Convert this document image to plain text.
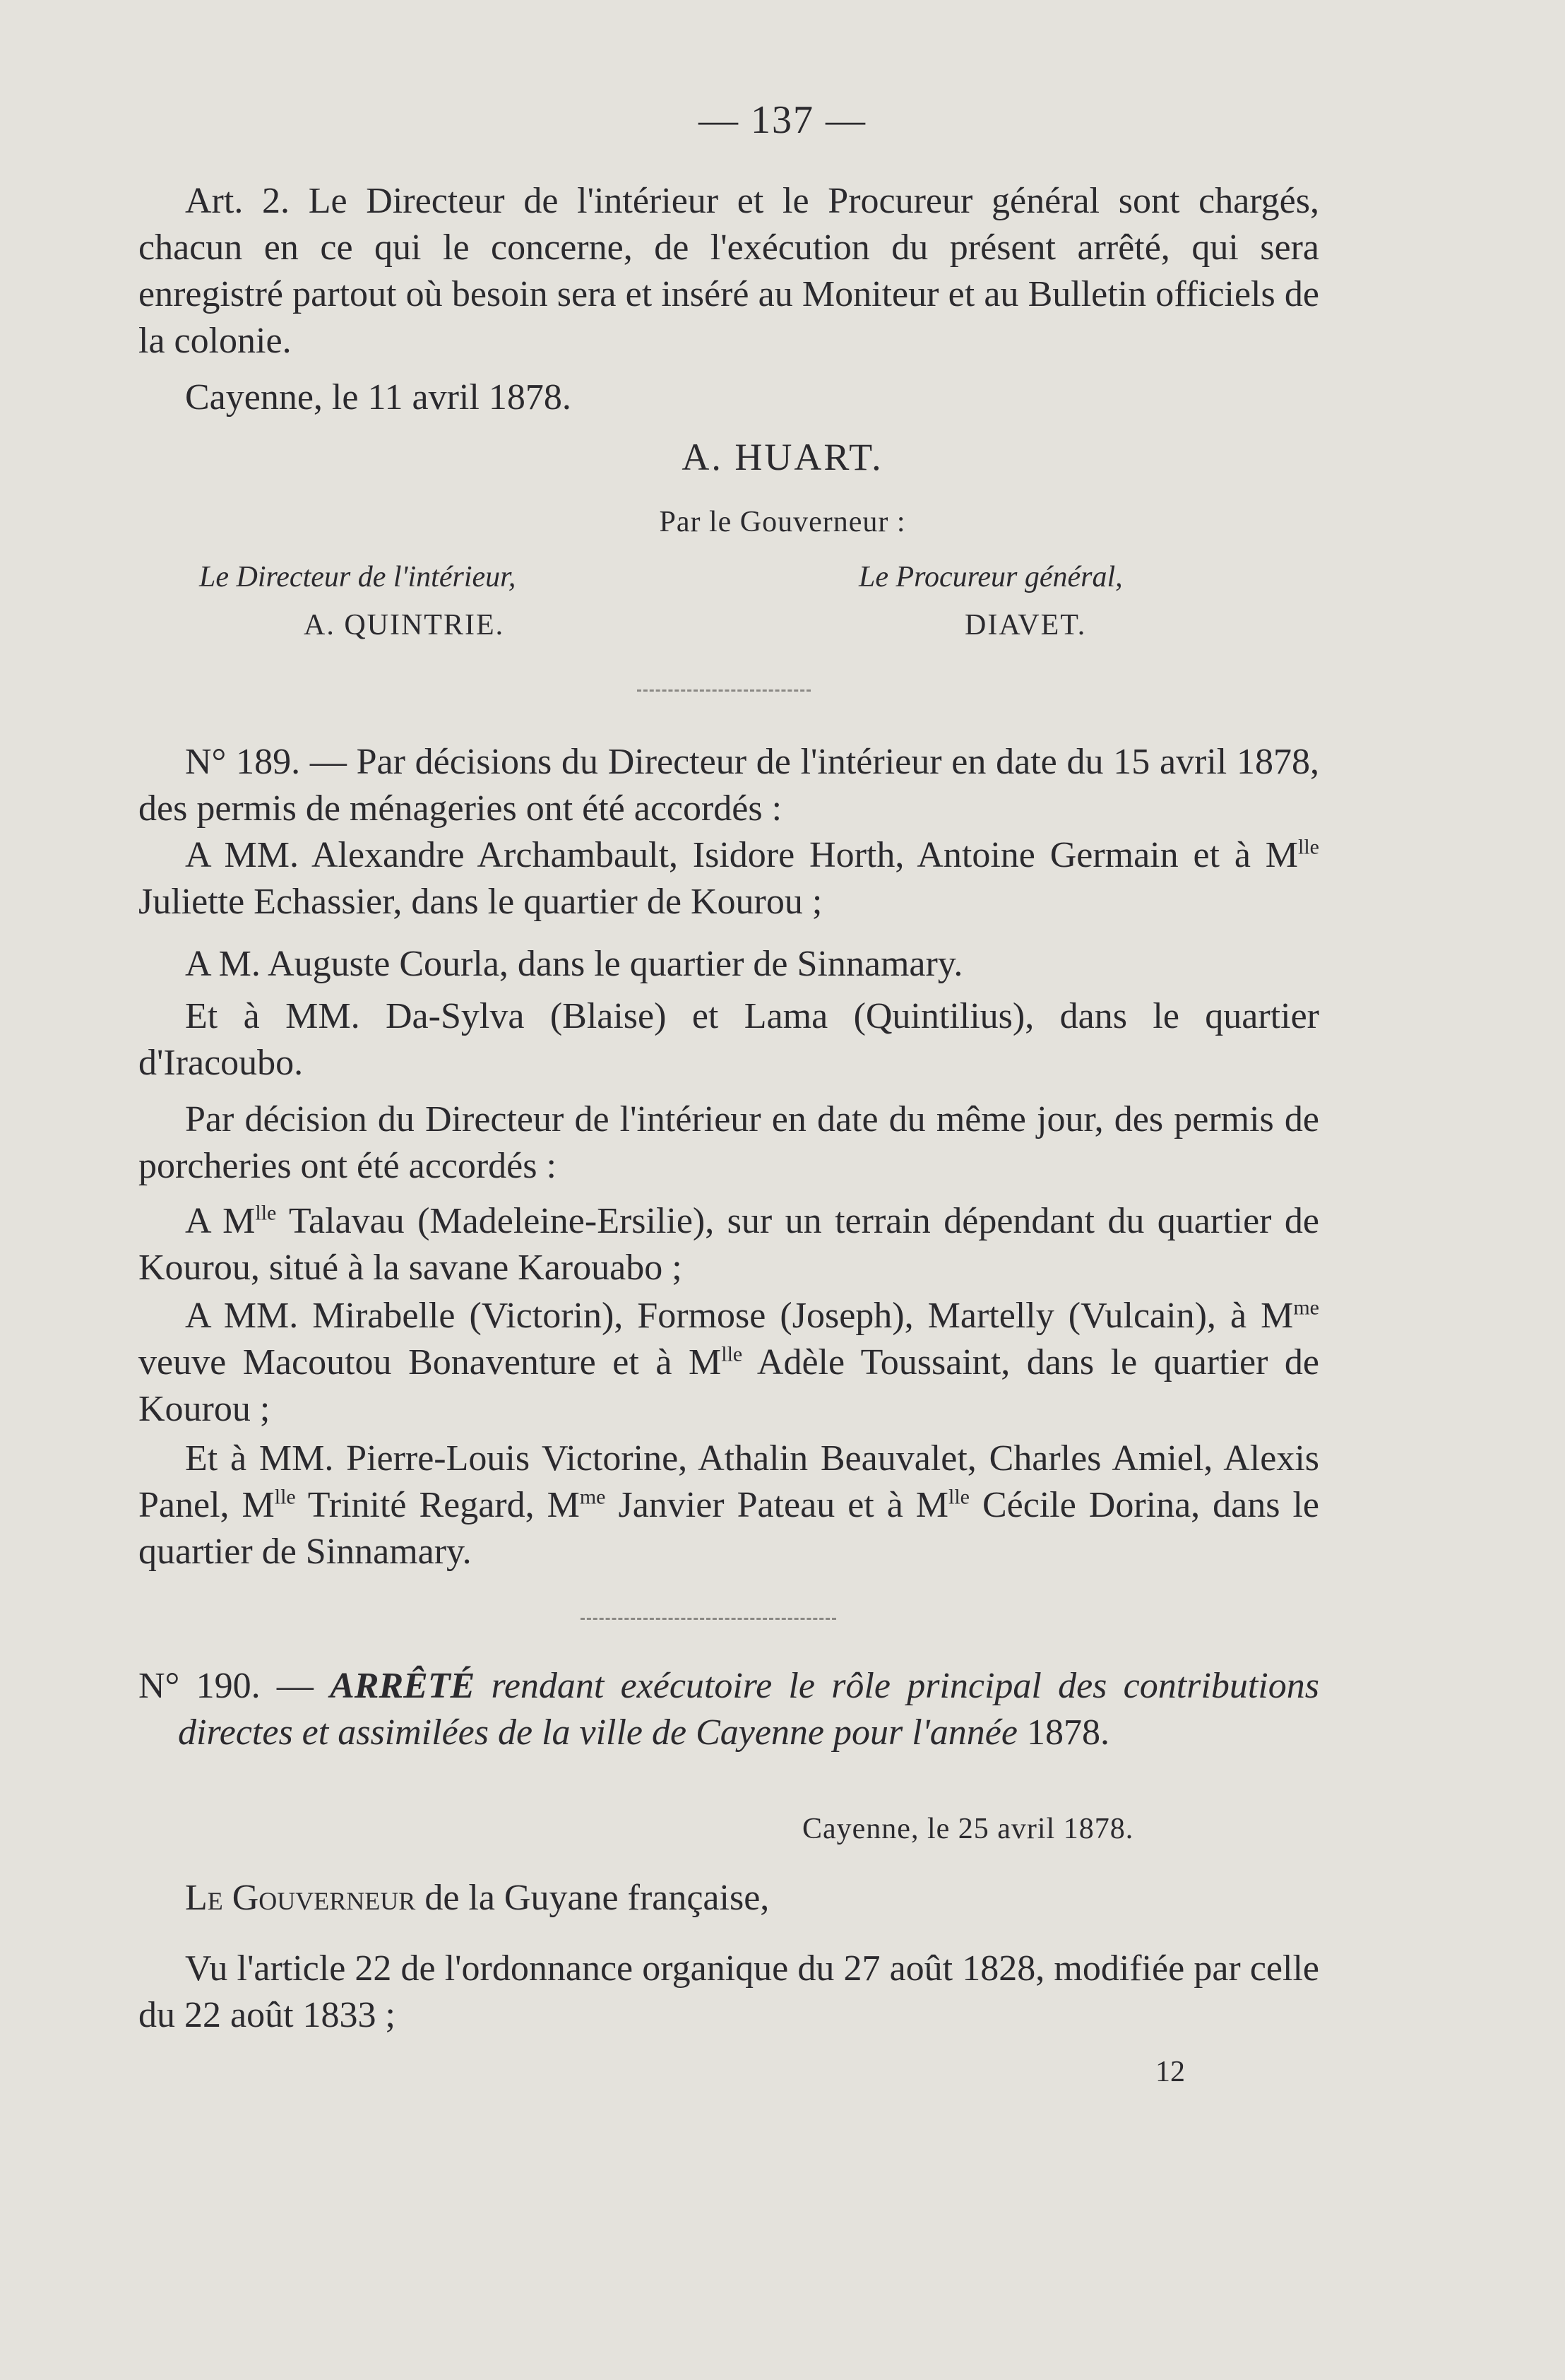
— 137 —
Art. 2. Le Directeur de l'intérieur et le Procureur général sont chargés, chacun en ce qui le concerne, de l'exécution du présent arrêté, qui sera enregistré partout où besoin sera et inséré au Moniteur et au Bulletin officiels de la colonie.
Cayenne, le 11 avril 1878.
A. HUART.
Par le Gouverneur :
Le Directeur de l'intérieur,	Le Procureur général,
A. QUINTRIE.	DIAVET.
N° 189. — Par décisions du Directeur de l'intérieur en date du 15 avril 1878, des permis de ménageries ont été accordés :
A MM. Alexandre Archambault, Isidore Horth, Antoine Germain et à $M^{lle}$ Juliette Echassier, dans le quartier de Kourou ;
A M. Auguste Courla, dans le quartier de Sinnamary.
Et à MM. Da-Sylva (Blaise) et Lama (Quintilius), dans le quartier d'Iracoubo.
Par décision du Directeur de l'intérieur en date du même jour, des permis de porcheries ont été accordés :
A $M^{lle}$ Talavau (Madeleine-Ersilie), sur un terrain dépendant du quartier de Kourou, situé à la savane Karouabo ;
A MM. Mirabelle (Victorin), Formose (Joseph), Martelly (Vulcain), à $M^{me}$ veuve Macoutou Bonaventure et à $M^{lle}$ Adèle Toussaint, dans le quartier de Kourou ;
Et à MM. Pierre-Louis Victorine, Athalin Beauvalet, Charles Amiel, Alexis Panel, $M^{lle}$ Trinité Regard, $M^{me}$ Janvier Pateau et à $M^{lle}$ Cécile Dorina, dans le quartier de Sinnamary.
N° 190. — ARRÊTÉ rendant exécutoire le rôle principal des contributions directes et assimilées de la ville de Cayenne pour l'année 1878.
Cayenne, le 25 avril 1878.
Le Gouverneur de la Guyane française,
Vu l'article 22 de l'ordonnance organique du 27 août 1828, modifiée par celle du 22 août 1833 ;
12
